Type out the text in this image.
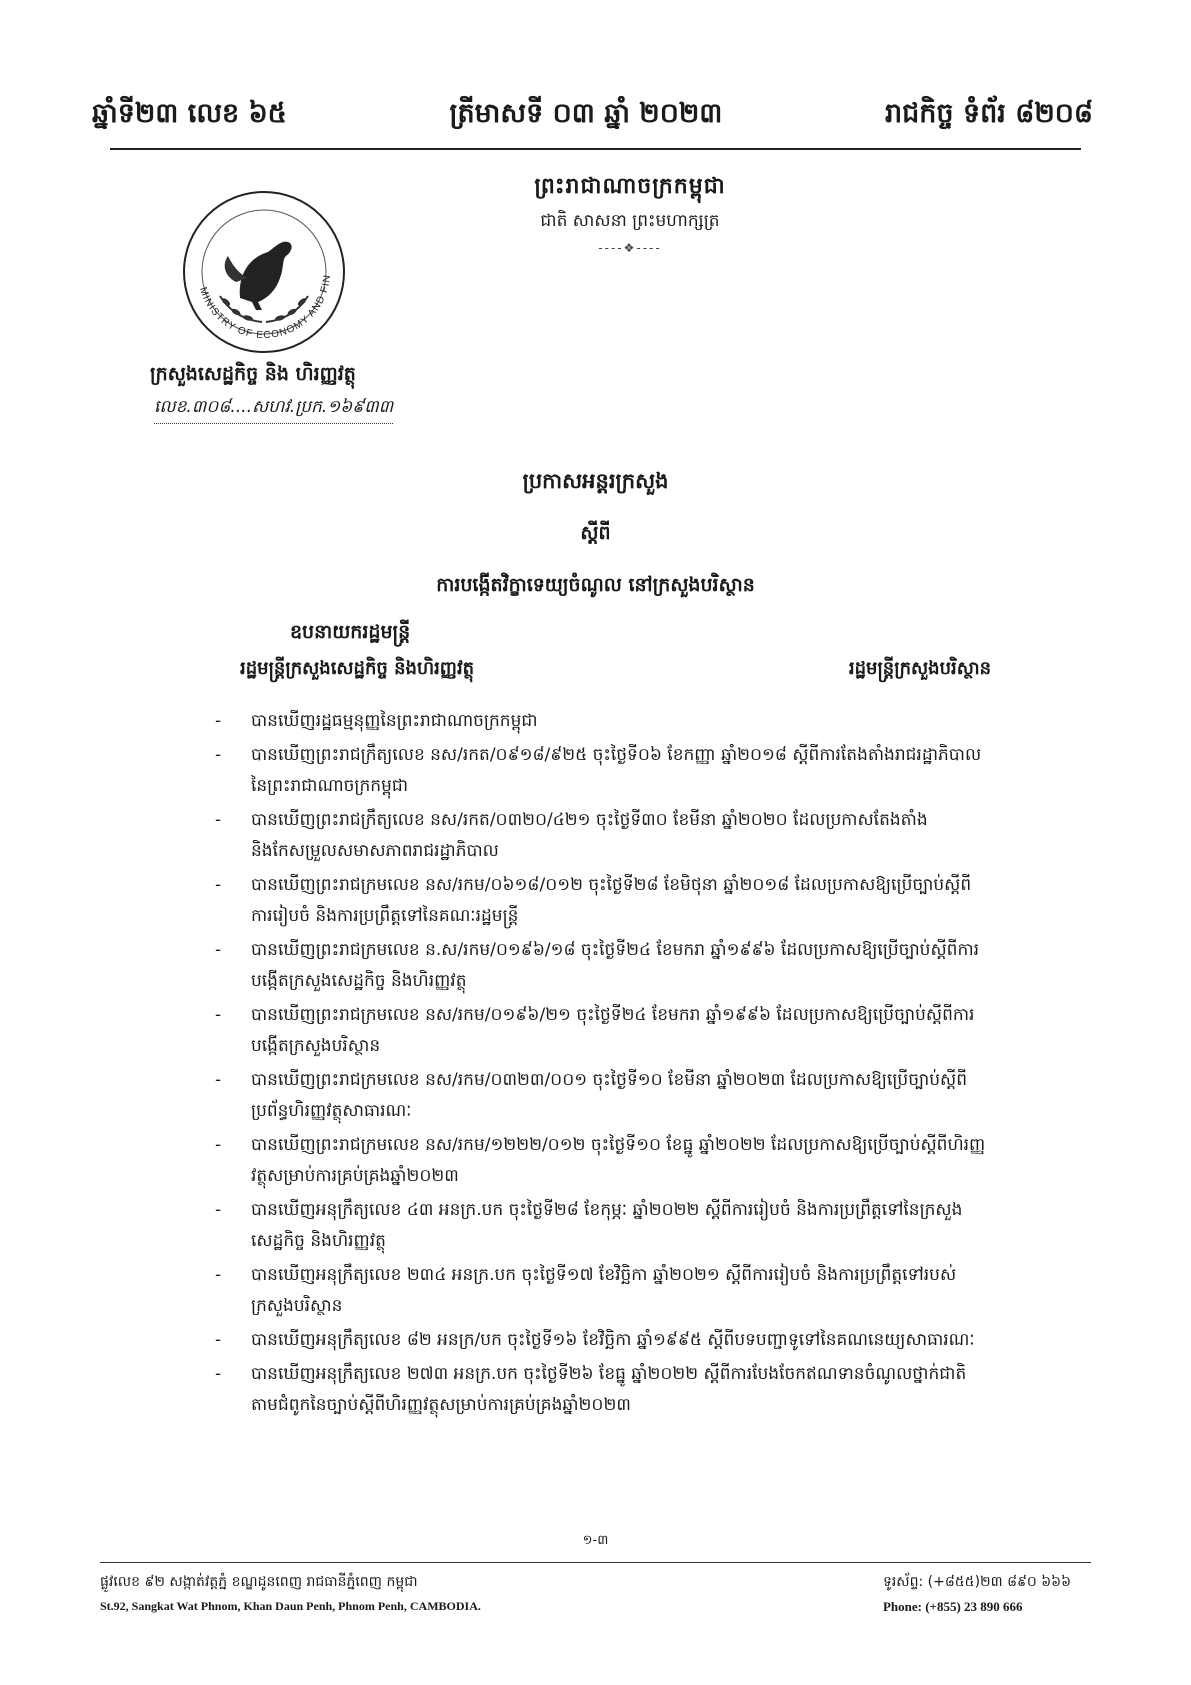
ឆ្នាំទី២៣ លេខ ៦៥	ត្រីមាសទី ០៣ ឆ្នាំ ២០២៣	រាជកិច្ច ទំព័រ ៨២០៨
ព្រះរាជាណាចក្រកម្ពុជា
ជាតិ សាសនា ព្រះមហាក្សត្រ
----❖----
MINISTRY OF ECONOMY AND FIN
ក្រសួងសេដ្ឋកិច្ច និង ហិរញ្ញវត្ថុ
លេខ.៣០៨....សហវ.ប្រក.១៦៩៣៣
ប្រកាសអន្តរក្រសួង
ស្តីពី
ការបង្កើតវិក្ខាទេយ្យចំណូល នៅក្រសួងបរិស្ថាន
ឧបនាយករដ្ឋមន្ត្រី
រដ្ឋមន្ត្រីក្រសួងសេដ្ឋកិច្ច និងហិរញ្ញវត្ថុ	រដ្ឋមន្ត្រីក្រសួងបរិស្ថាន
- បានឃើញរដ្ឋធម្មនុញ្ញនៃព្រះរាជាណាចក្រកម្ពុជា
- បានឃើញព្រះរាជក្រឹត្យលេខ នស/រកត/០៩១៨/៩២៥ ចុះថ្ងៃទី០៦ ខែកញ្ញា ឆ្នាំ២០១៨ ស្តីពីការតែងតាំងរាជរដ្ឋាភិបាលនៃព្រះរាជាណាចក្រកម្ពុជា
- បានឃើញព្រះរាជក្រឹត្យលេខ នស/រកត/០៣២០/៤២១ ចុះថ្ងៃទី៣០ ខែមីនា ឆ្នាំ២០២០ ដែលប្រកាសតែងតាំងនិងកែសម្រួលសមាសភាពរាជរដ្ឋាភិបាល
- បានឃើញព្រះរាជក្រមលេខ នស/រកម/០៦១៨/០១២ ចុះថ្ងៃទី២៨ ខែមិថុនា ឆ្នាំ២០១៨ ដែលប្រកាសឱ្យប្រើច្បាប់ស្តីពីការរៀបចំ និងការប្រព្រឹត្តទៅនៃគណៈរដ្ឋមន្ត្រី
- បានឃើញព្រះរាជក្រមលេខ ន.ស/រកម/០១៩៦/១៨ ចុះថ្ងៃទី២៤ ខែមករា ឆ្នាំ១៩៩៦ ដែលប្រកាសឱ្យប្រើច្បាប់ស្តីពីការបង្កើតក្រសួងសេដ្ឋកិច្ច និងហិរញ្ញវត្ថុ
- បានឃើញព្រះរាជក្រមលេខ នស/រកម/០១៩៦/២១ ចុះថ្ងៃទី២៤ ខែមករា ឆ្នាំ១៩៩៦ ដែលប្រកាសឱ្យប្រើច្បាប់ស្តីពីការបង្កើតក្រសួងបរិស្ថាន
- បានឃើញព្រះរាជក្រមលេខ នស/រកម/០៣២៣/០០១ ចុះថ្ងៃទី១០ ខែមីនា ឆ្នាំ២០២៣ ដែលប្រកាសឱ្យប្រើច្បាប់ស្តីពីប្រព័ន្ធហិរញ្ញវត្ថុសាធារណៈ
- បានឃើញព្រះរាជក្រមលេខ នស/រកម/១២២២/០១២ ចុះថ្ងៃទី១០ ខែធ្នូ ឆ្នាំ២០២២ ដែលប្រកាសឱ្យប្រើច្បាប់ស្តីពីហិរញ្ញវត្ថុសម្រាប់ការគ្រប់គ្រងឆ្នាំ២០២៣
- បានឃើញអនុក្រឹត្យលេខ ៤៣ អនក្រ.បក ចុះថ្ងៃទី២៨ ខែកុម្ភៈ ឆ្នាំ២០២២ ស្តីពីការរៀបចំ និងការប្រព្រឹត្តទៅនៃក្រសួងសេដ្ឋកិច្ច និងហិរញ្ញវត្ថុ
- បានឃើញអនុក្រឹត្យលេខ ២៣៤ អនក្រ.បក ចុះថ្ងៃទី១៧ ខែវិច្ឆិកា ឆ្នាំ២០២១ ស្តីពីការរៀបចំ និងការប្រព្រឹត្តទៅរបស់ក្រសួងបរិស្ថាន
- បានឃើញអនុក្រឹត្យលេខ ៨២ អនក្រ/បក ចុះថ្ងៃទី១៦ ខែវិច្ឆិកា ឆ្នាំ១៩៩៥ ស្តីពីបទបញ្ជាទូទៅនៃគណនេយ្យសាធារណៈ
- បានឃើញអនុក្រឹត្យលេខ ២៧៣ អនក្រ.បក ចុះថ្ងៃទី២៦ ខែធ្នូ ឆ្នាំ២០២២ ស្តីពីការបែងចែកឥណទានចំណូលថ្នាក់ជាតិតាមជំពូកនៃច្បាប់ស្តីពីហិរញ្ញវត្ថុសម្រាប់ការគ្រប់គ្រងឆ្នាំ២០២៣
១-៣
ផ្លូវលេខ ៩២ សង្កាត់វត្តភ្នំ ខណ្ឌដូនពេញ រាជធានីភ្នំពេញ កម្ពុជា
St.92, Sangkat Wat Phnom, Khan Daun Penh, Phnom Penh, CAMBODIA.
ទូរស័ព្ទ: (+៨៥៥)២៣ ៨៩០ ៦៦៦
Phone: (+855) 23 890 666
